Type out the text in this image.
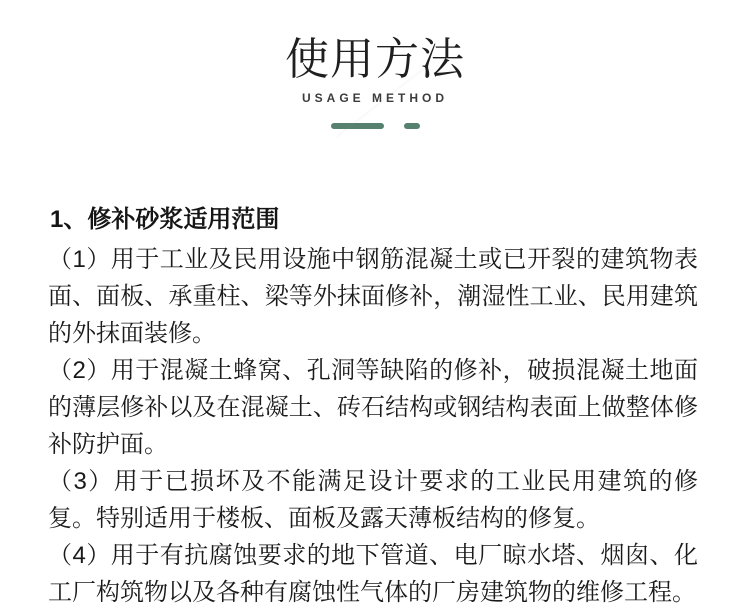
使用方法
USAGE METHOD
1、修补砂浆适用范围

（1）用于工业及民用设施中钢筋混凝土或已开裂的建筑物表面、面板、承重柱、梁等外抹面修补，潮湿性工业、民用建筑的外抹面装修。

（2）用于混凝土蜂窝、孔洞等缺陷的修补，破损混凝土地面的薄层修补以及在混凝土、砖石结构或钢结构表面上做整体修补防护面。

（3）用于已损坏及不能满足设计要求的工业民用建筑的修复。特别适用于楼板、面板及露天薄板结构的修复。

（4）用于有抗腐蚀要求的地下管道、电厂晾水塔、烟囱、化工厂构筑物以及各种有腐蚀性气体的厂房建筑物的维修工程。
